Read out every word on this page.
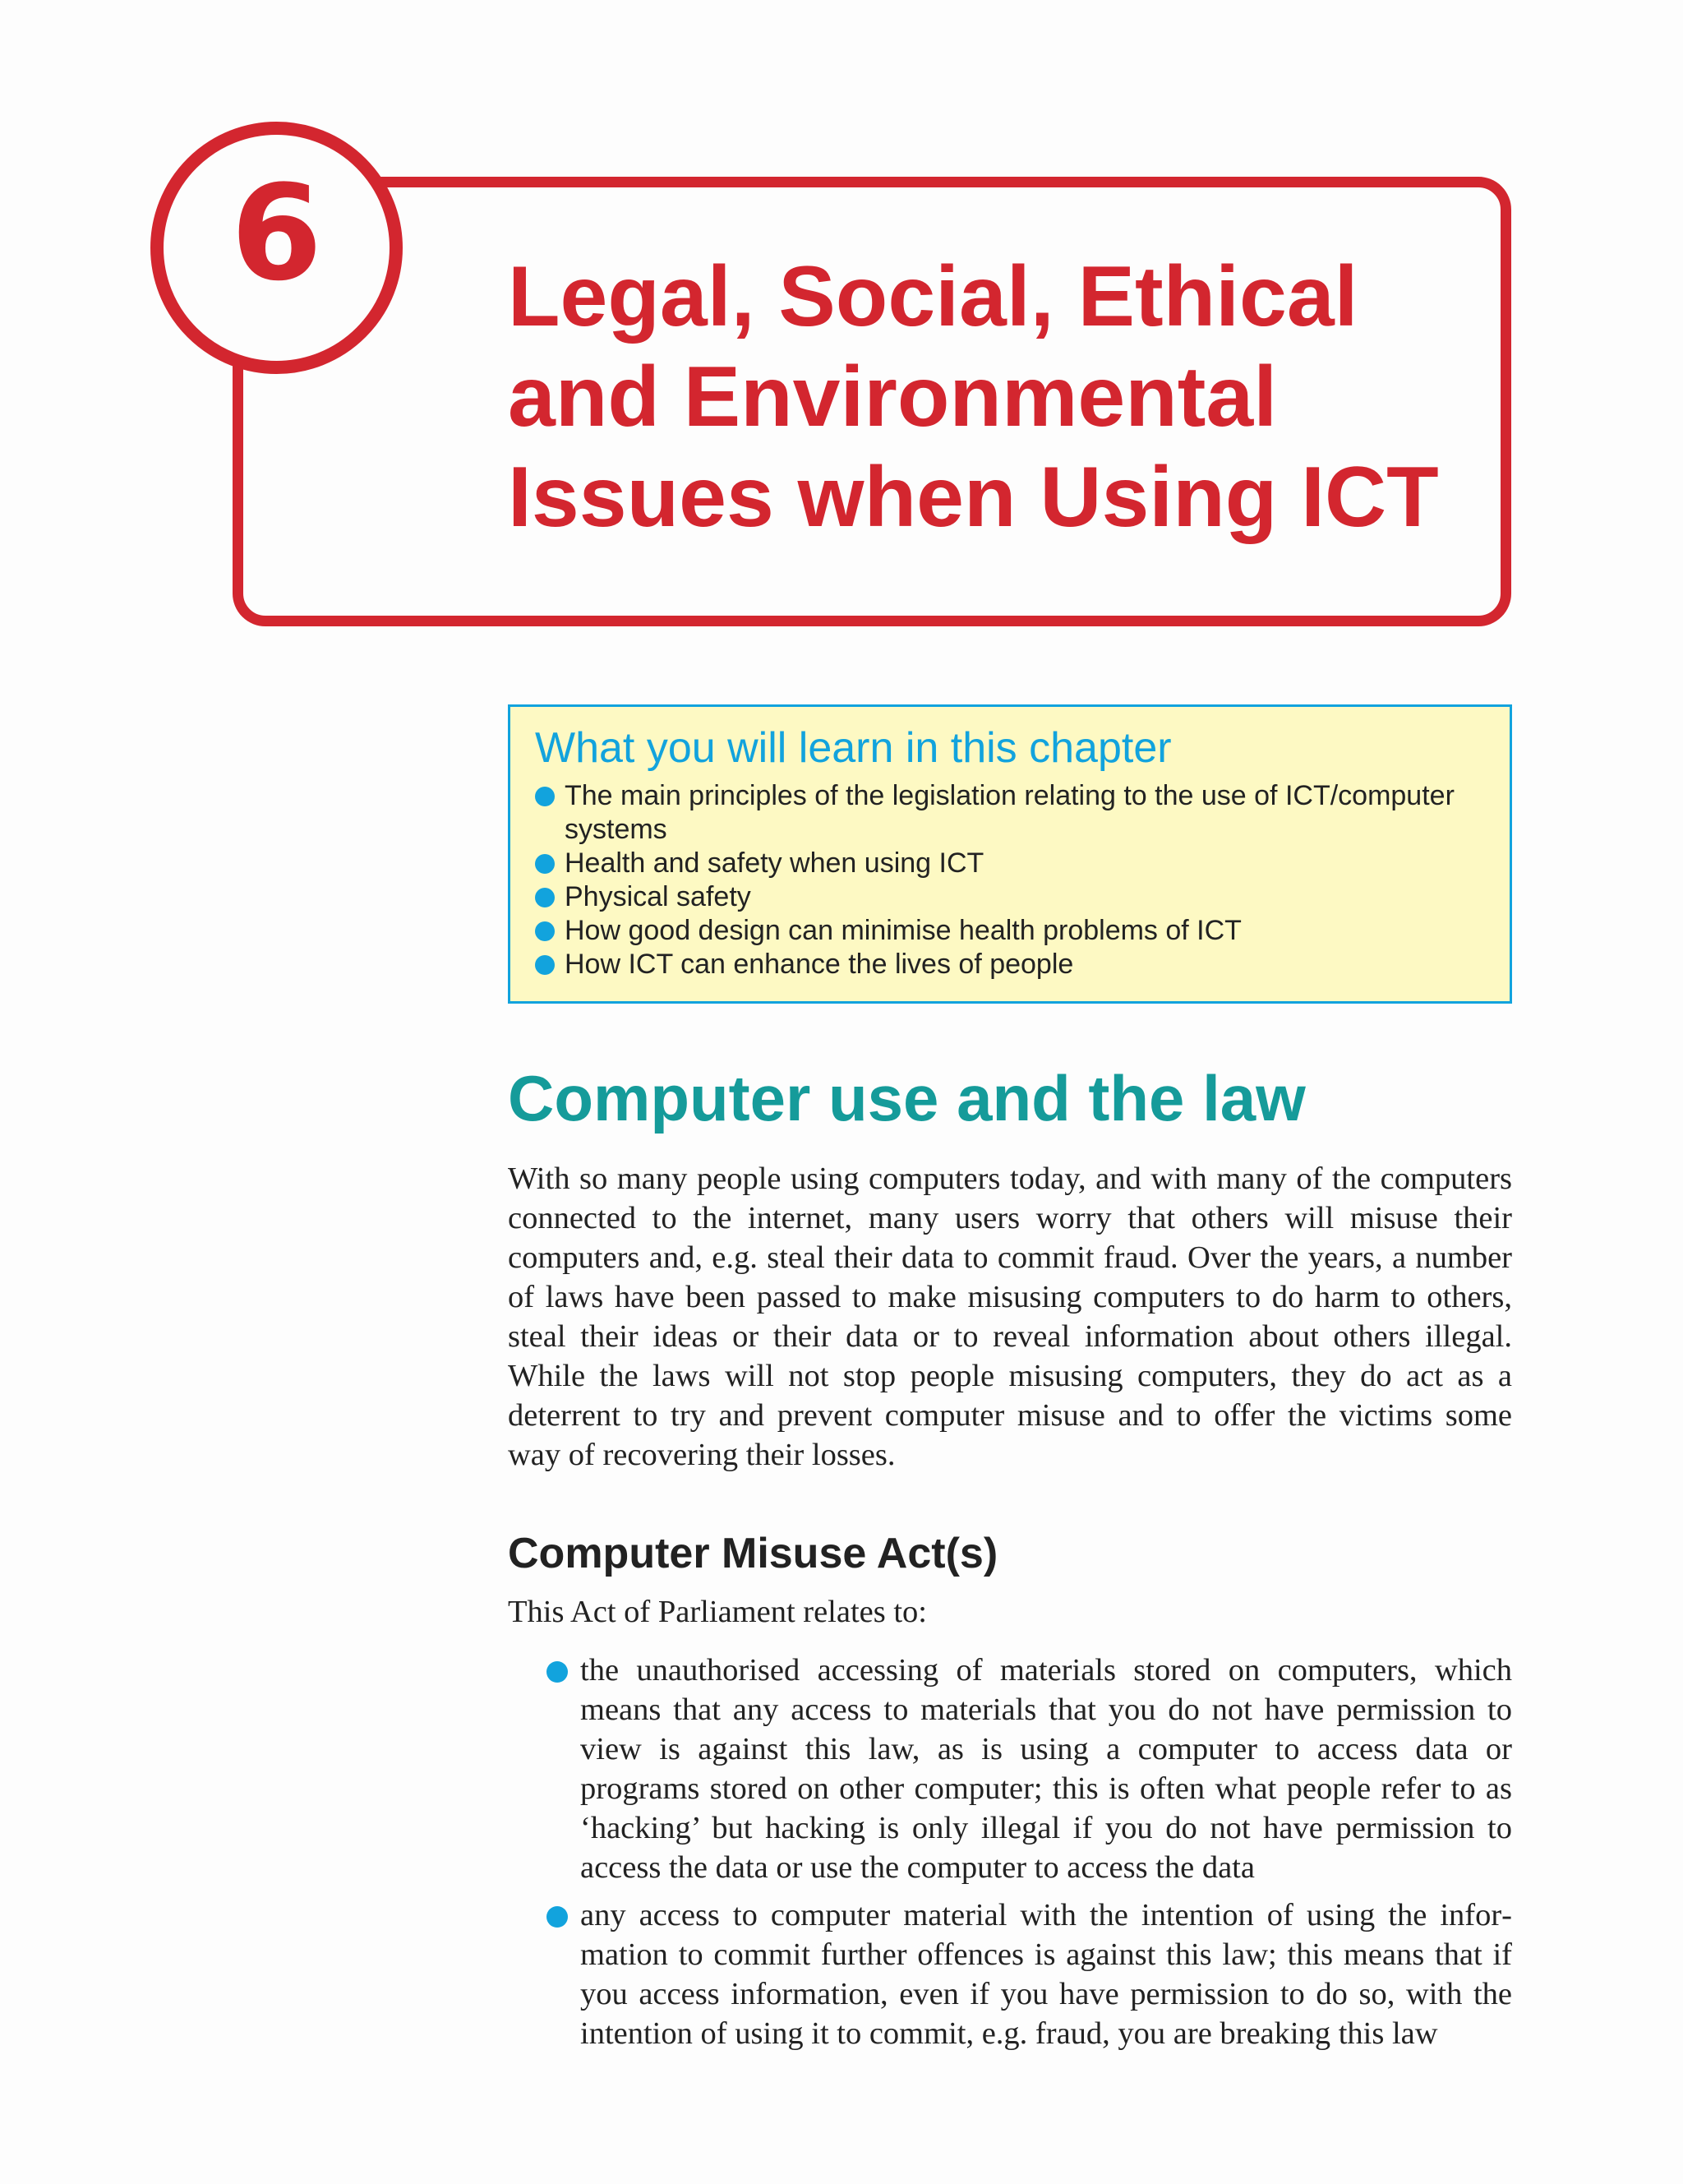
6 Legal, Social, Ethical
and Environmental
Issues when Using ICT
What you will learn in this chapter
The main principles of the legislation relating to the use of ICT/computer systems
Health and safety when using ICT
Physical safety
How good design can minimise health problems of ICT
How ICT can enhance the lives of people
Computer use and the law

With so many people using computers today, and with many of the computers connected to the internet, many users worry that others will misuse their computers and, e.g. steal their data to commit fraud. Over the years, a number of laws have been passed to make misusing computers to do harm to others, steal their ideas or their data or to reveal information about others illegal. While the laws will not stop people misusing computers, they do act as a deterrent to try and prevent computer misuse and to offer the victims some way of recovering their losses.

Computer Misuse Act(s)

This Act of Parliament relates to:

the unauthorised accessing of materials stored on computers, which means that any access to materials that you do not have permission to view is against this law, as is using a computer to access data or programs stored on other computer; this is often what people refer to as ‘hacking’ but hacking is only illegal if you do not have permission to access the data or use the computer to access the data
any access to computer material with the intention of using the information to commit further offences is against this law; this means that if you access information, even if you have permission to do so, with the intention of using it to commit, e.g. fraud, you are breaking this law
